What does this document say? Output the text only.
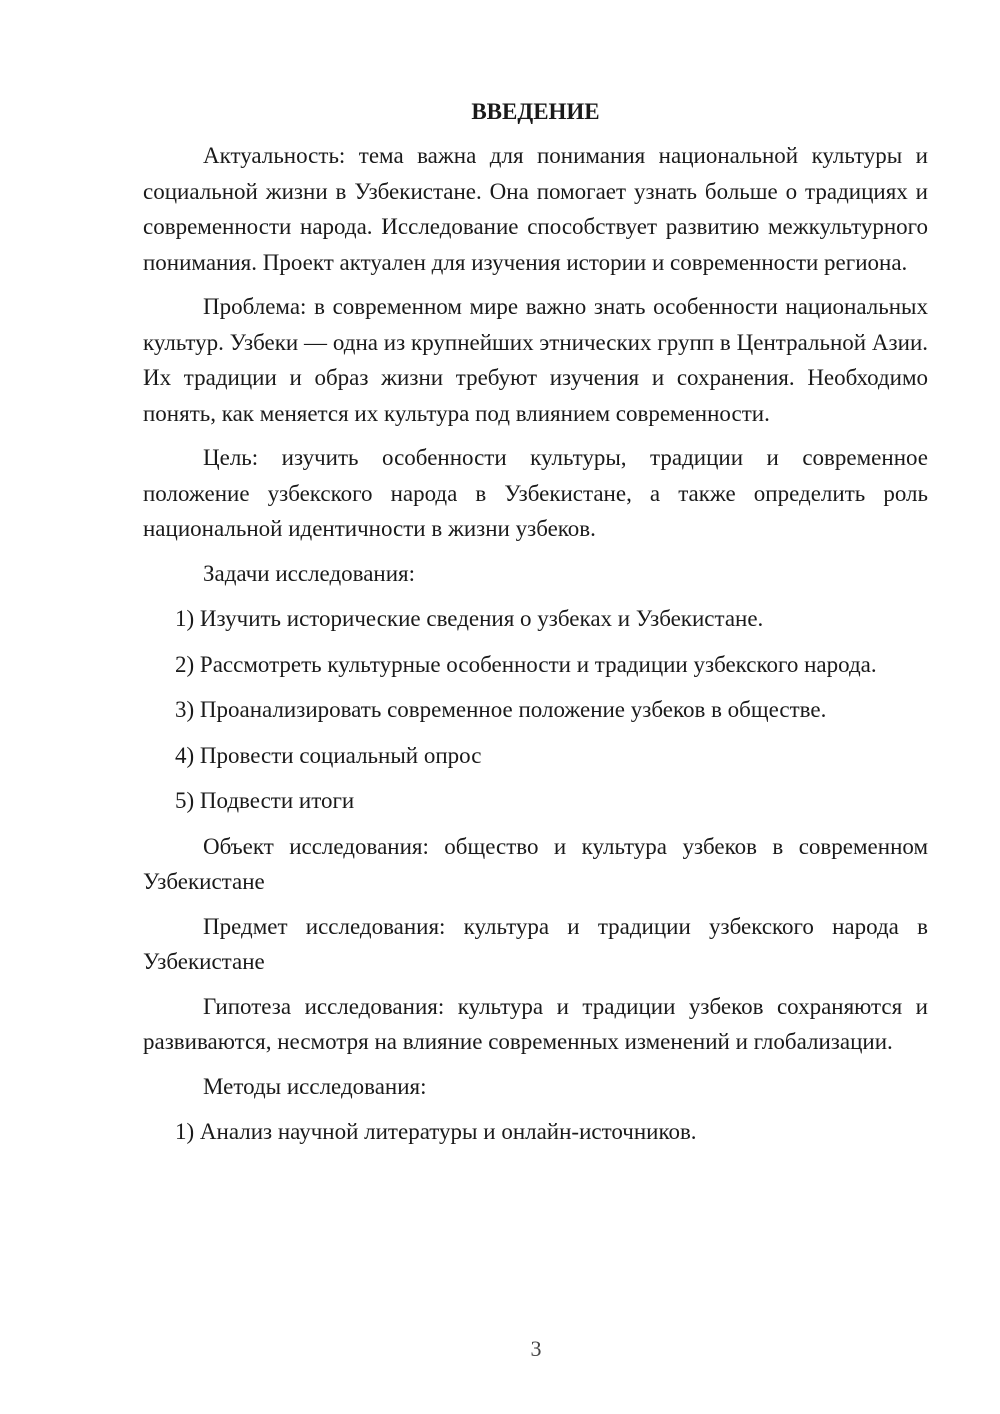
ВВЕДЕНИЕ

Актуальность: тема важна для понимания национальной культуры и социальной жизни в Узбекистане. Она помогает узнать больше о традициях и современности народа. Исследование способствует развитию межкультурного понимания. Проект актуален для изучения истории и современности региона.

Проблема: в современном мире важно знать особенности национальных культур. Узбеки — одна из крупнейших этнических групп в Центральной Азии. Их традиции и образ жизни требуют изучения и сохранения. Необходимо понять, как меняется их культура под влиянием современности.

Цель: изучить особенности культуры, традиции и современное положение узбекского народа в Узбекистане, а также определить роль национальной идентичности в жизни узбеков.

Задачи исследования:

1) Изучить исторические сведения о узбеках и Узбекистане.

2) Рассмотреть культурные особенности и традиции узбекского народа.

3) Проанализировать современное положение узбеков в обществе.

4) Провести социальный опрос

5) Подвести итоги

Объект исследования: общество и культура узбеков в современном Узбекистане

Предмет исследования: культура и традиции узбекского народа в Узбекистане

Гипотеза исследования: культура и традиции узбеков сохраняются и развиваются, несмотря на влияние современных изменений и глобализации.

Методы исследования:

1) Анализ научной литературы и онлайн-источников.

3
